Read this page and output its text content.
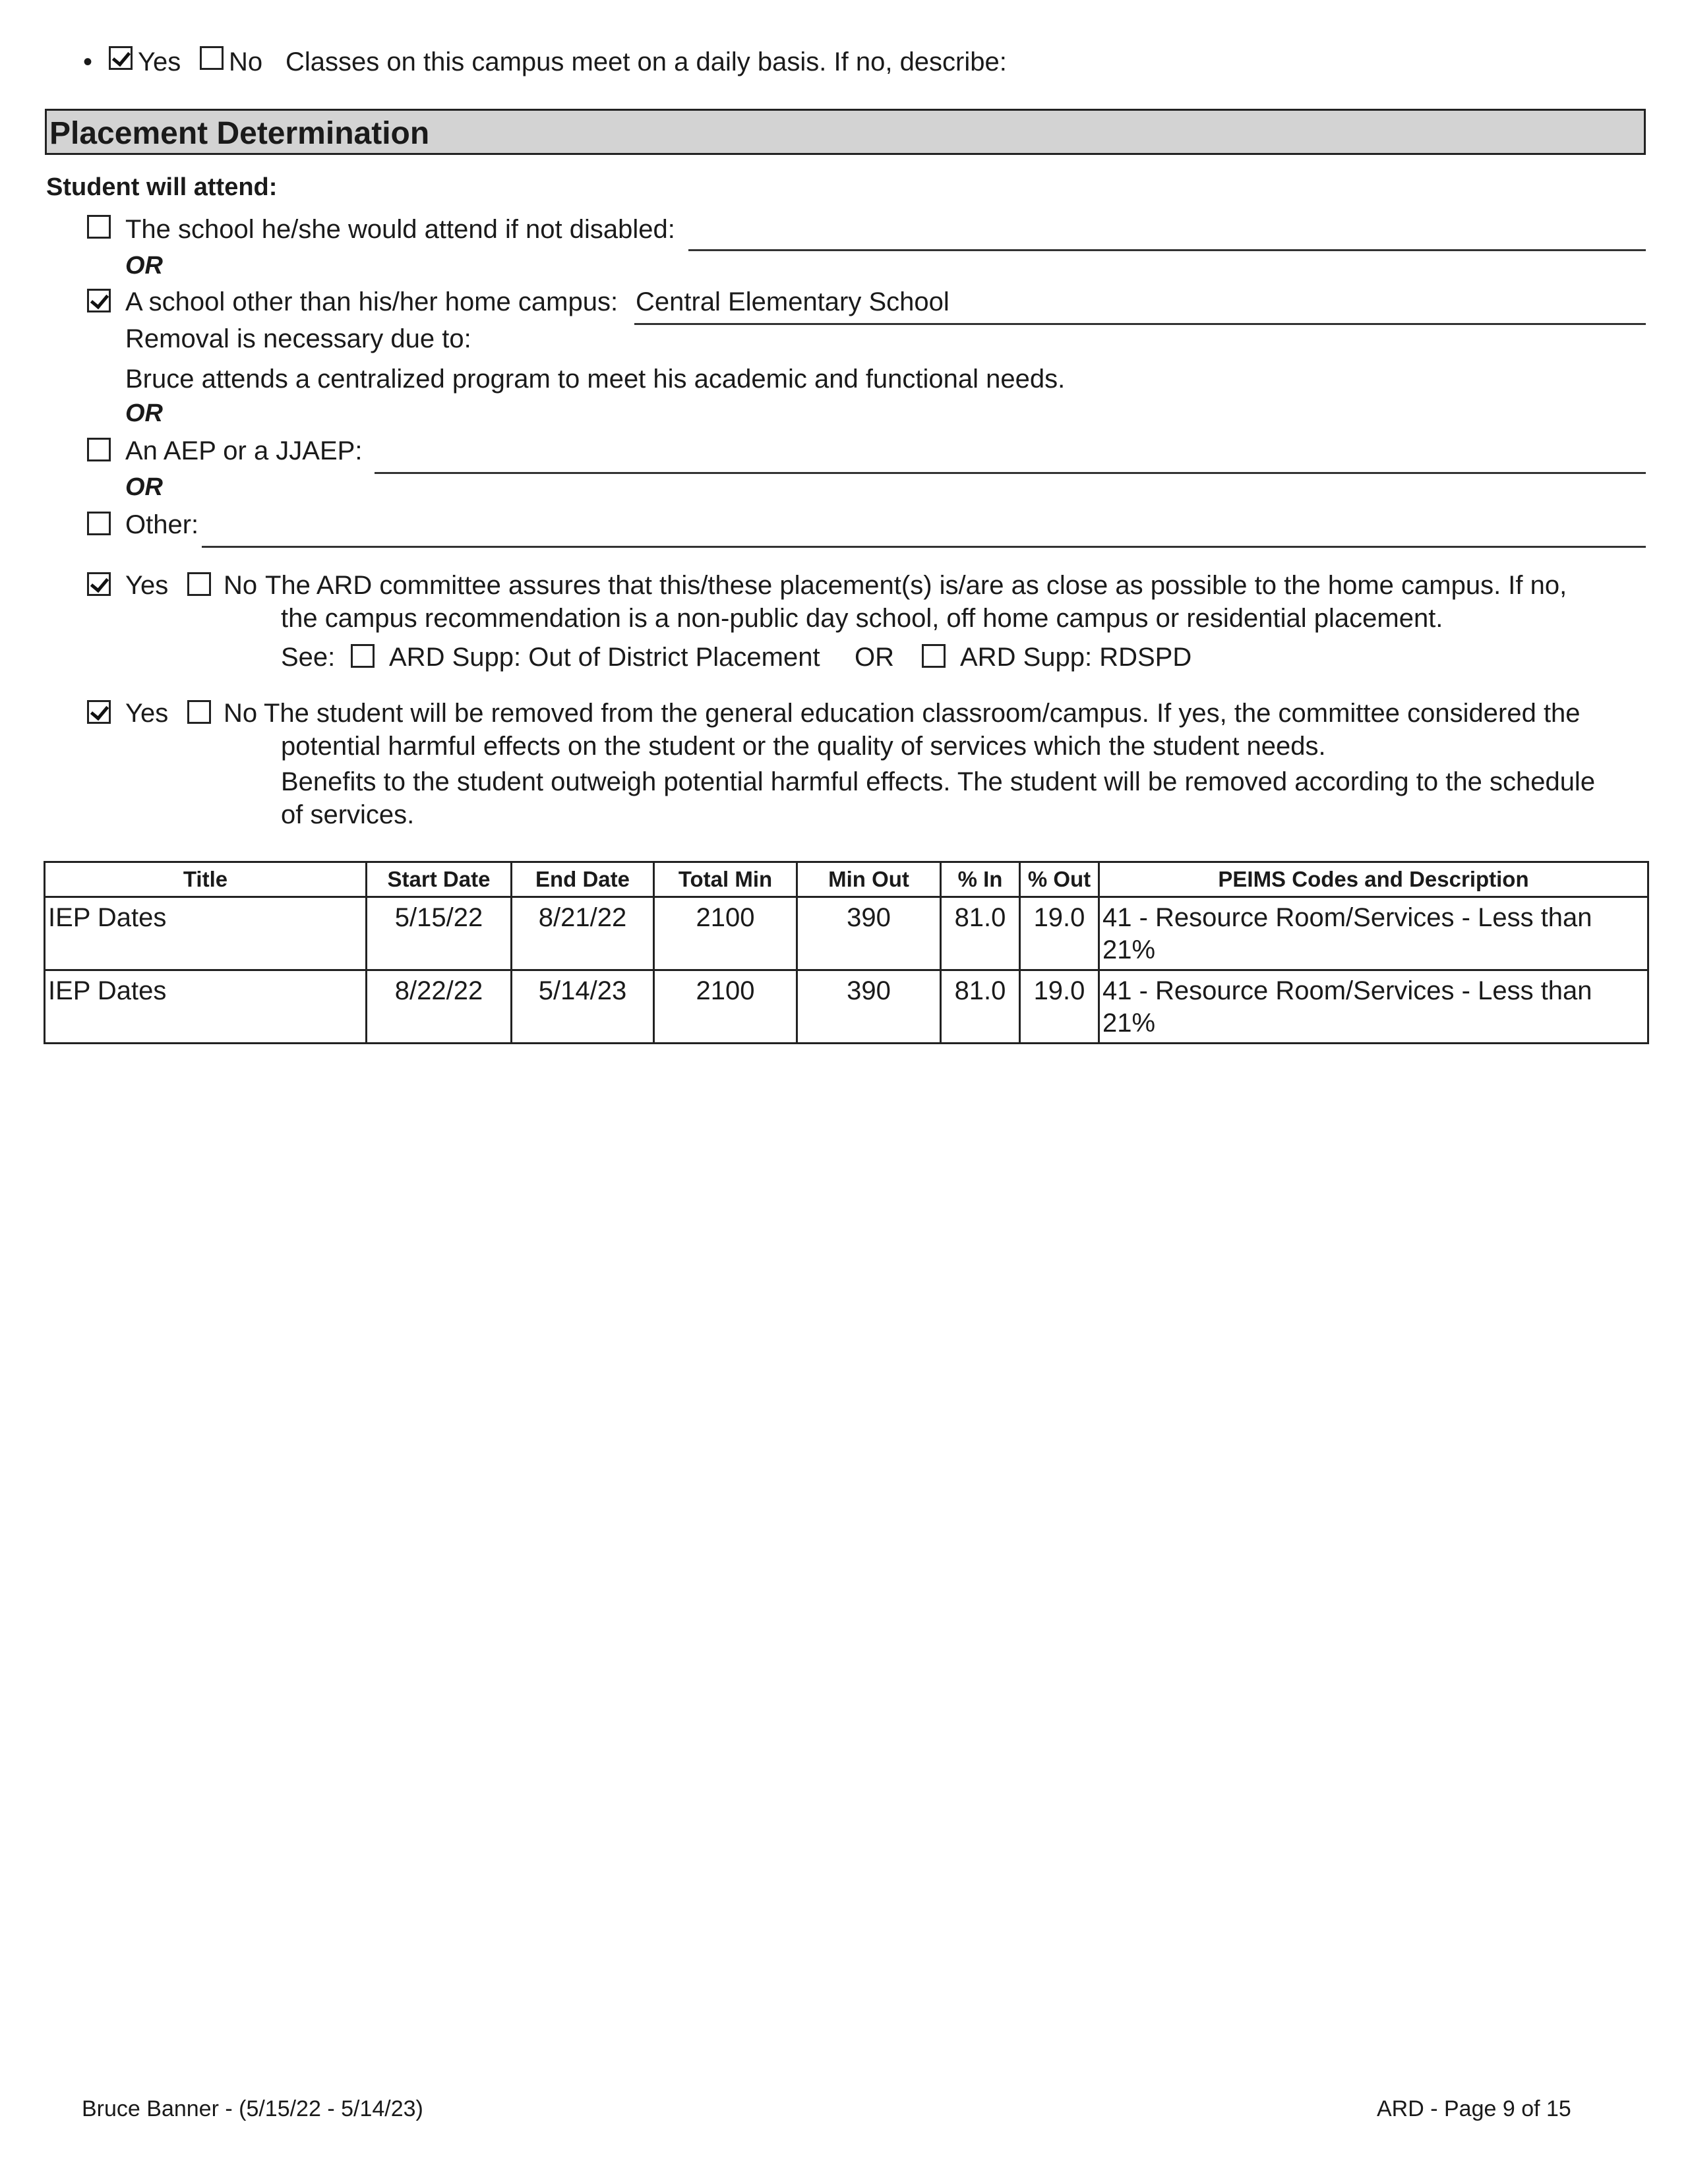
• Yes No Classes on this campus meet on a daily basis. If no, describe:
Placement Determination
Student will attend:
The school he/she would attend if not disabled:
OR
A school other than his/her home campus: Central Elementary School
Removal is necessary due to:
Bruce attends a centralized program to meet his academic and functional needs.
OR
An AEP or a JJAEP:
OR
Other:
Yes No The ARD committee assures that this/these placement(s) is/are as close as possible to the home campus. If no,
the campus recommendation is a non-public day school, off home campus or residential placement.
See: ARD Supp: Out of District Placement OR	ARD Supp: RDSPD
Yes No The student will be removed from the general education classroom/campus. If yes, the committee considered the
potential harmful effects on the student or the quality of services which the student needs.
Benefits to the student outweigh potential harmful effects. The student will be removed according to the schedule
of services.
Title	Start Date	End Date	Total Min	Min Out	% In	% Out	PEIMS Codes and Description
IEP Dates	5/15/22	8/21/22	2100	390	81.0	19.0	41 - Resource Room/Services - Less than 21%
IEP Dates	8/22/22	5/14/23	2100	390	81.0	19.0	41 - Resource Room/Services - Less than 21%
Bruce Banner - (5/15/22 - 5/14/23)	ARD - Page 9 of 15
